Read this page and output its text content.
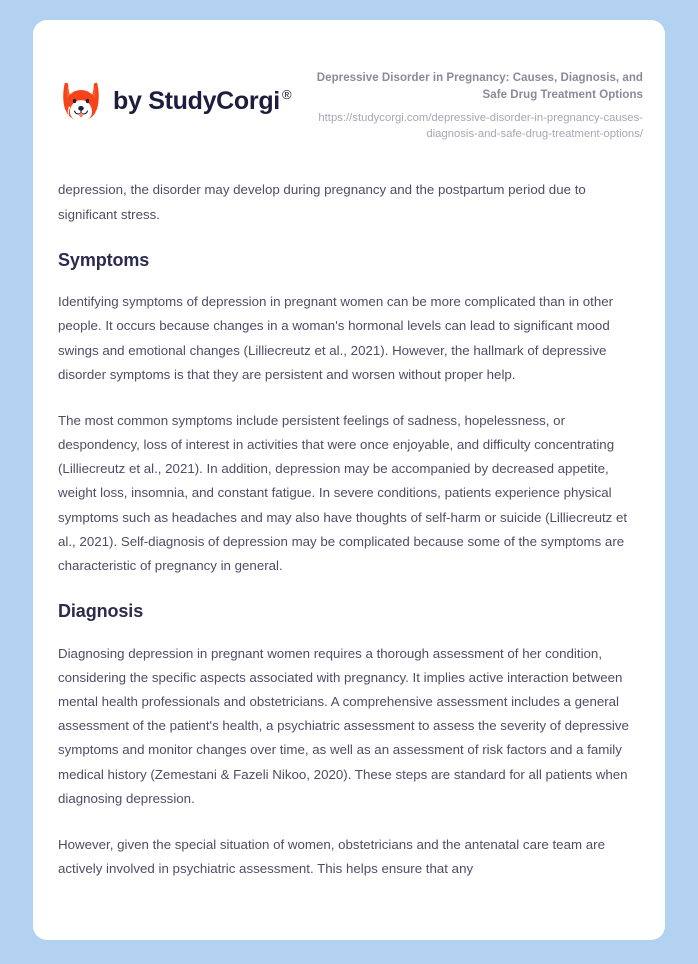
by StudyCorgi ®
Depressive Disorder in Pregnancy: Causes, Diagnosis, and Safe Drug Treatment Options
https://studycorgi.com/depressive-disorder-in-pregnancy-causes-diagnosis-and-safe-drug-treatment-options/

depression, the disorder may develop during pregnancy and the postpartum period due to significant stress.

Symptoms

Identifying symptoms of depression in pregnant women can be more complicated than in other people. It occurs because changes in a woman's hormonal levels can lead to significant mood swings and emotional changes (Lilliecreutz et al., 2021). However, the hallmark of depressive disorder symptoms is that they are persistent and worsen without proper help.

The most common symptoms include persistent feelings of sadness, hopelessness, or despondency, loss of interest in activities that were once enjoyable, and difficulty concentrating (Lilliecreutz et al., 2021). In addition, depression may be accompanied by decreased appetite, weight loss, insomnia, and constant fatigue. In severe conditions, patients experience physical symptoms such as headaches and may also have thoughts of self-harm or suicide (Lilliecreutz et al., 2021). Self-diagnosis of depression may be complicated because some of the symptoms are characteristic of pregnancy in general.

Diagnosis

Diagnosing depression in pregnant women requires a thorough assessment of her condition, considering the specific aspects associated with pregnancy. It implies active interaction between mental health professionals and obstetricians. A comprehensive assessment includes a general assessment of the patient's health, a psychiatric assessment to assess the severity of depressive symptoms and monitor changes over time, as well as an assessment of risk factors and a family medical history (Zemestani & Fazeli Nikoo, 2020). These steps are standard for all patients when diagnosing depression.

However, given the special situation of women, obstetricians and the antenatal care team are actively involved in psychiatric assessment. This helps ensure that any
